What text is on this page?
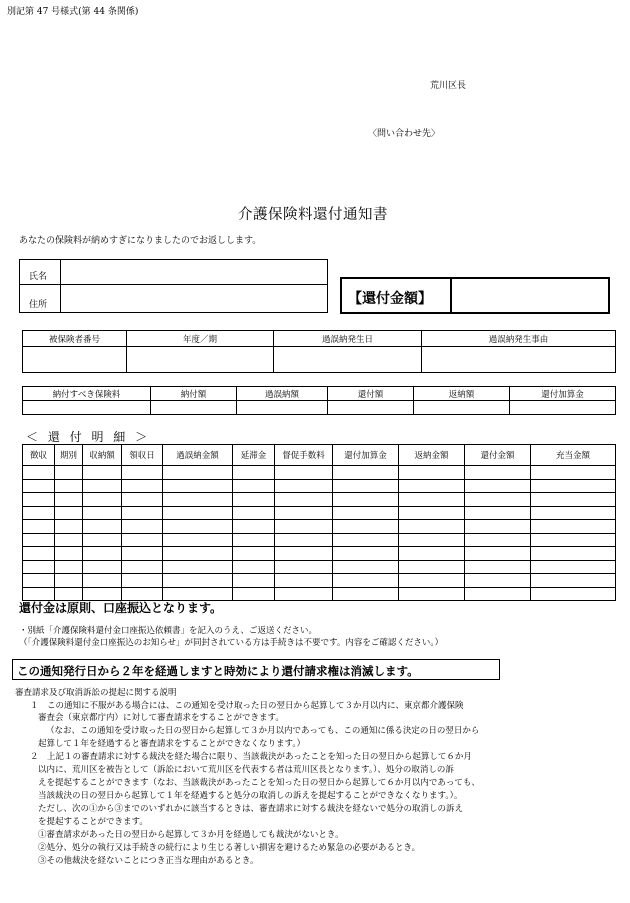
別記第 47 号様式(第 44 条関係)
荒川区長
〈問い合わせ先〉
介護保険料還付通知書
あなたの保険料が納めすぎになりましたのでお返しします。
氏名
住所	【還付金額】
被保険者番号	年度／期	過誤納発生日	過誤納発生事由

納付すべき保険料	納付額	過誤納額	還付額	返納額	還付加算金

＜ 還 付 明 細 ＞
徴収	期別	収納額	領収日	過誤納金額	延滞金	督促手数料	還付加算金	返納金額	還付金額	充当金額

還付金は原則、口座振込となります。
・別紙「介護保険料還付金口座振込依頼書」を記入のうえ、ご返送ください。
（「介護保険料還付金口座振込のお知らせ」が同封されている方は手続きは不要です。内容をご確認ください。）
この通知発行日から２年を経過しますと時効により還付請求権は消滅します。
審査請求及び取消訴訟の提起に関する説明
１　この通知に不服がある場合には、この通知を受け取った日の翌日から起算して３か月以内に、東京都介護保険
審査会（東京都庁内）に対して審査請求をすることができます。
（なお、この通知を受け取った日の翌日から起算して３か月以内であっても、この通知に係る決定の日の翌日から
起算して１年を経過すると審査請求をすることができなくなります。）
２　上記１の審査請求に対する裁決を経た場合に限り、当該裁決があったことを知った日の翌日から起算して６か月
以内に、荒川区を被告として（訴訟において荒川区を代表する者は荒川区長となります。）、処分の取消しの訴
えを提起することができます（なお、当該裁決があったことを知った日の翌日から起算して６か月以内であっても、
当該裁決の日の翌日から起算して１年を経過すると処分の取消しの訴えを提起することができなくなります。）。
ただし、次の①から③までのいずれかに該当するときは、審査請求に対する裁決を経ないで処分の取消しの訴え
を提起することができます。
①審査請求があった日の翌日から起算して３か月を経過しても裁決がないとき。
②処分、処分の執行又は手続きの続行により生じる著しい損害を避けるため緊急の必要があるとき。
③その他裁決を経ないことにつき正当な理由があるとき。
